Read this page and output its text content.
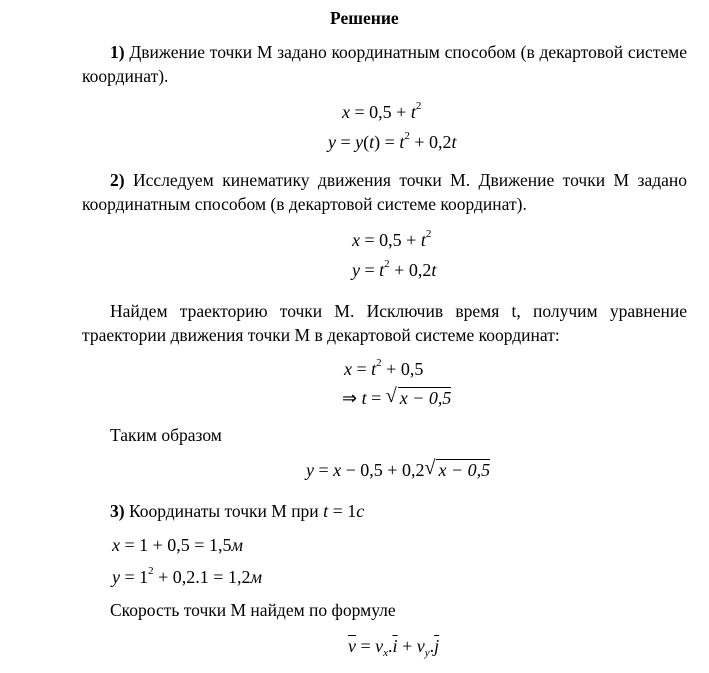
Решение
1) Движение точки М задано координатным способом (в декартовой системе координат).
$x = 0,5 + t^2$
$y = y(t) = t^2 + 0,2t$
2) Исследуем кинематику движения точки М. Движение точки М задано координатным способом (в декартовой системе координат).
$x = 0,5 + t^2$
$y = t^2 + 0,2t$
Найдем траекторию точки М. Исключив время t, получим уравнение траектории движения точки М в декартовой системе координат:
$x = t^2 + 0,5$
⇒ t = √ x − 0,5
Таким образом
y = x − 0,5 + 0,2 √ x − 0,5
3) Координаты точки М при t = 1c
x = 1 + 0,5 = 1,5м
$y = 1^2 + 0,2.1 = 1,2м$
Скорость точки М найдем по формуле
$\overline{v} = v_x.\overline{i} + v_y.\overline{j}$
